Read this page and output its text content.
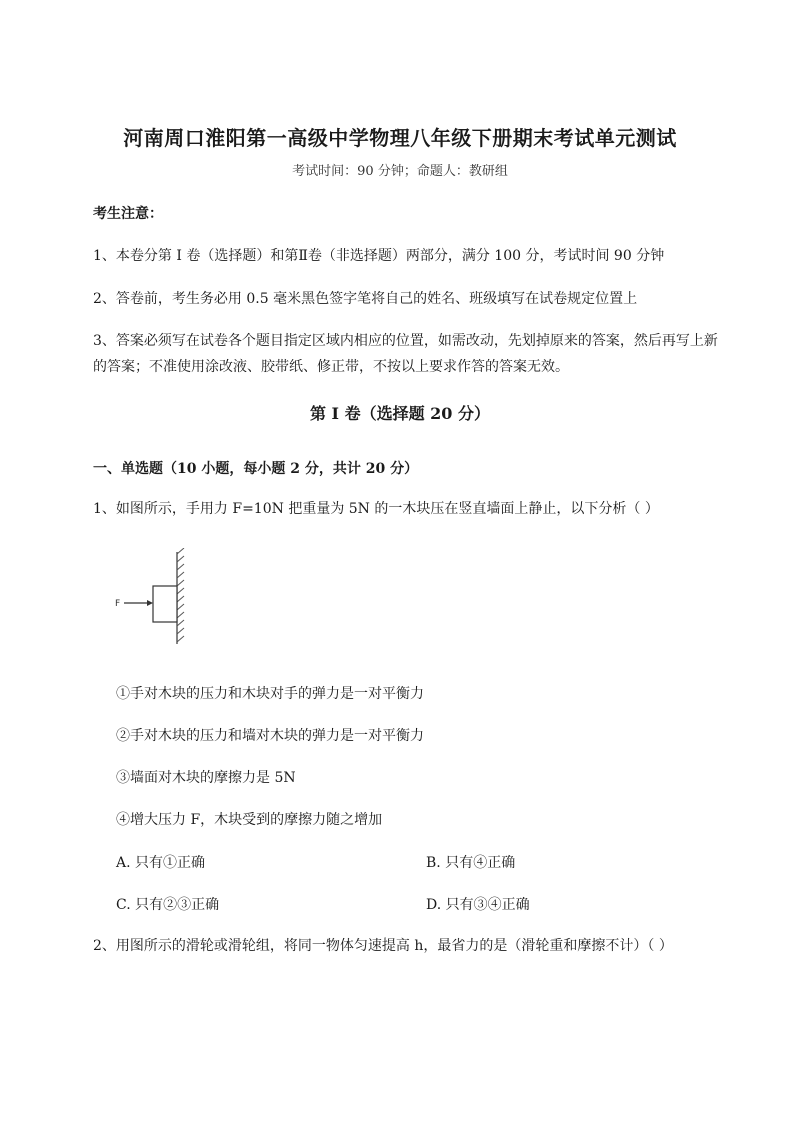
河南周口淮阳第一高级中学物理八年级下册期末考试单元测试
考试时间：90 分钟；命题人：教研组
考生注意：
1、本卷分第 I 卷（选择题）和第Ⅱ卷（非选择题）两部分，满分 100 分，考试时间 90 分钟
2、答卷前，考生务必用 0.5 毫米黑色签字笔将自己的姓名、班级填写在试卷规定位置上
3、答案必须写在试卷各个题目指定区域内相应的位置，如需改动，先划掉原来的答案，然后再写上新
的答案；不准使用涂改液、胶带纸、修正带，不按以上要求作答的答案无效。
第 I 卷（选择题 20 分）
一、单选题（10 小题，每小题 2 分，共计 20 分）
1、如图所示，手用力 F=10N 把重量为 5N 的一木块压在竖直墙面上静止，以下分析（ ）
F
①手对木块的压力和木块对手的弹力是一对平衡力
②手对木块的压力和墙对木块的弹力是一对平衡力
③墙面对木块的摩擦力是 5N
④增大压力 F，木块受到的摩擦力随之增加
A. 只有①正确	B. 只有④正确
C. 只有②③正确	D. 只有③④正确
2、用图所示的滑轮或滑轮组，将同一物体匀速提高 h，最省力的是（滑轮重和摩擦不计）（ ）
